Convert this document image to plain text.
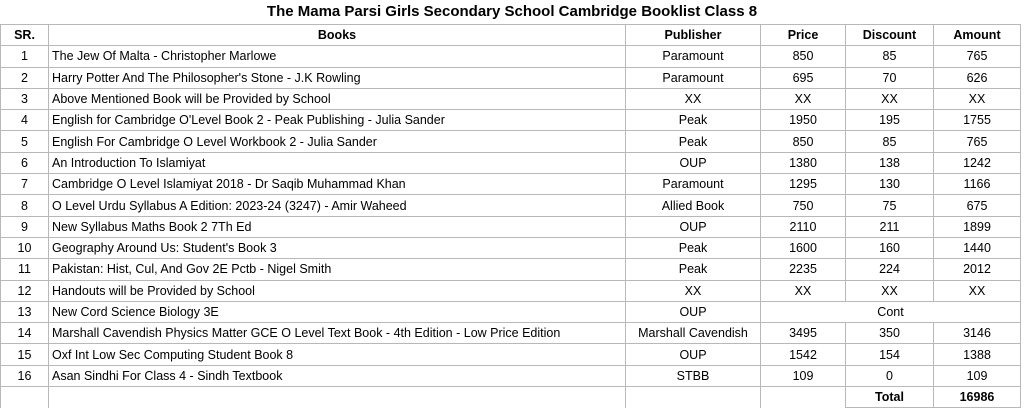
The Mama Parsi Girls Secondary School Cambridge Booklist Class 8
SR.	Books	Publisher	Price	Discount	Amount
1	The Jew Of Malta - Christopher Marlowe	Paramount	850	85	765
2	Harry Potter And The Philosopher's Stone - J.K Rowling	Paramount	695	70	626
3	Above Mentioned Book will be Provided by School	XX	XX	XX	XX
4	English for Cambridge O'Level Book 2 - Peak Publishing - Julia Sander	Peak	1950	195	1755
5	English For Cambridge O Level Workbook 2 - Julia Sander	Peak	850	85	765
6	An Introduction To Islamiyat	OUP	1380	138	1242
7	Cambridge O Level Islamiyat 2018 - Dr Saqib Muhammad Khan	Paramount	1295	130	1166
8	O Level Urdu Syllabus A Edition: 2023-24 (3247) - Amir Waheed	Allied Book	750	75	675
9	New Syllabus Maths Book 2 7Th Ed	OUP	2110	211	1899
10	Geography Around Us: Student's Book 3	Peak	1600	160	1440
11	Pakistan: Hist, Cul, And Gov 2E Pctb - Nigel Smith	Peak	2235	224	2012
12	Handouts will be Provided by School	XX	XX	XX	XX
13	New Cord Science Biology 3E	OUP	Cont		
14	Marshall Cavendish Physics Matter GCE O Level Text Book - 4th Edition - Low Price Edition	Marshall Cavendish	3495	350	3146
15	Oxf Int Low Sec Computing Student Book 8	OUP	1542	154	1388
16	Asan Sindhi For Class 4 - Sindh Textbook	STBB	109	0	109
				Total	16986
